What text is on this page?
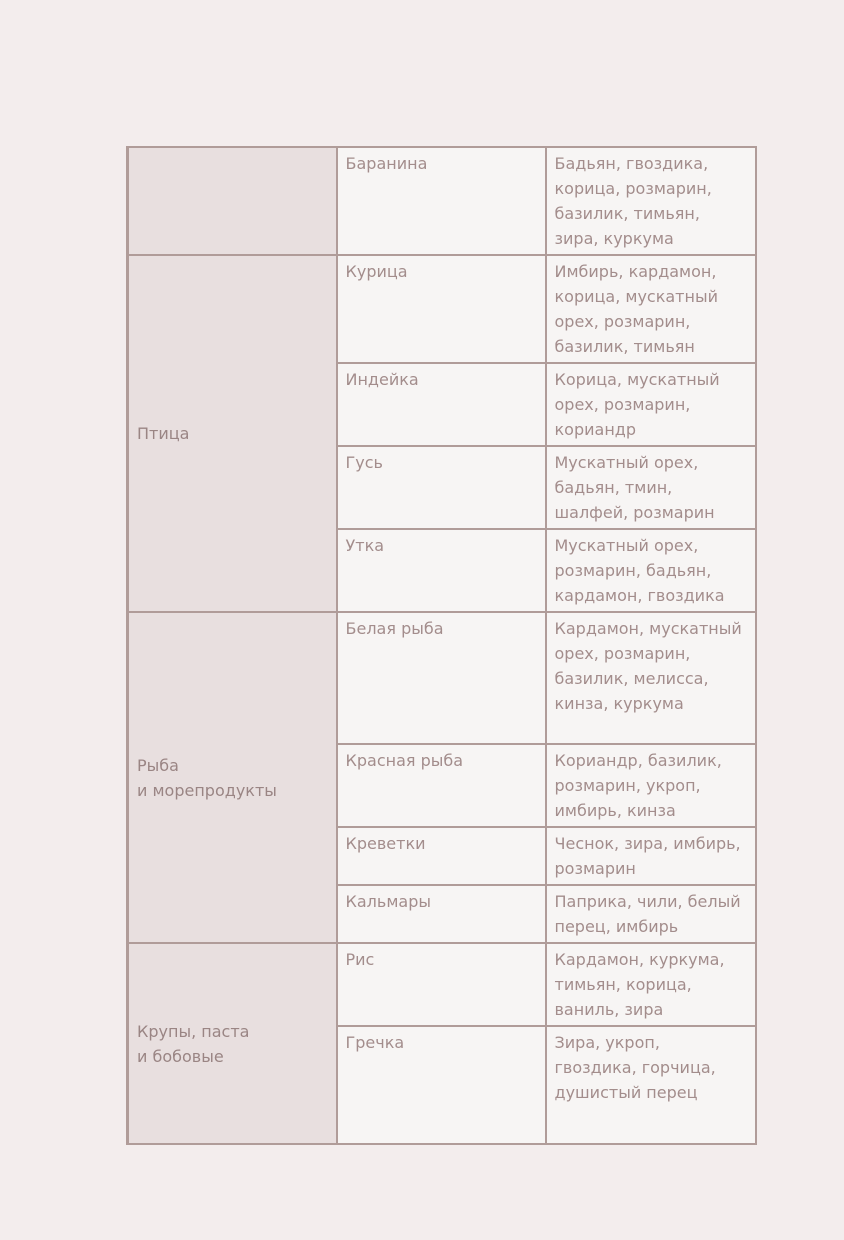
	Баранина	Бадьян, гвоздика, корица, розмарин, базилик, тимьян, зира, куркума

Птица	Курица	Имбирь, кардамон, корица, мускатный орех, розмарин, базилик, тимьян
	Индейка	Корица, мускатный орех, розмарин, кориандр
	Гусь	Мускатный орех, бадьян, тмин, шалфей, розмарин
	Утка	Мускатный орех, розмарин, бадьян, кардамон, гвоздика

Рыба
и морепродукты	Белая рыба	Кардамон, мускатный орех, розмарин, базилик, мелисса, кинза, куркума
	Красная рыба	Кориандр, базилик, розмарин, укроп, имбирь, кинза
	Креветки	Чеснок, зира, имбирь, розмарин
	Кальмары	Паприка, чили, белый перец, имбирь

Крупы, паста
и бобовые	Рис	Кардамон, куркума, тимьян, корица, ваниль, зира
	Гречка	Зира, укроп, гвоздика, горчица, душистый перец
